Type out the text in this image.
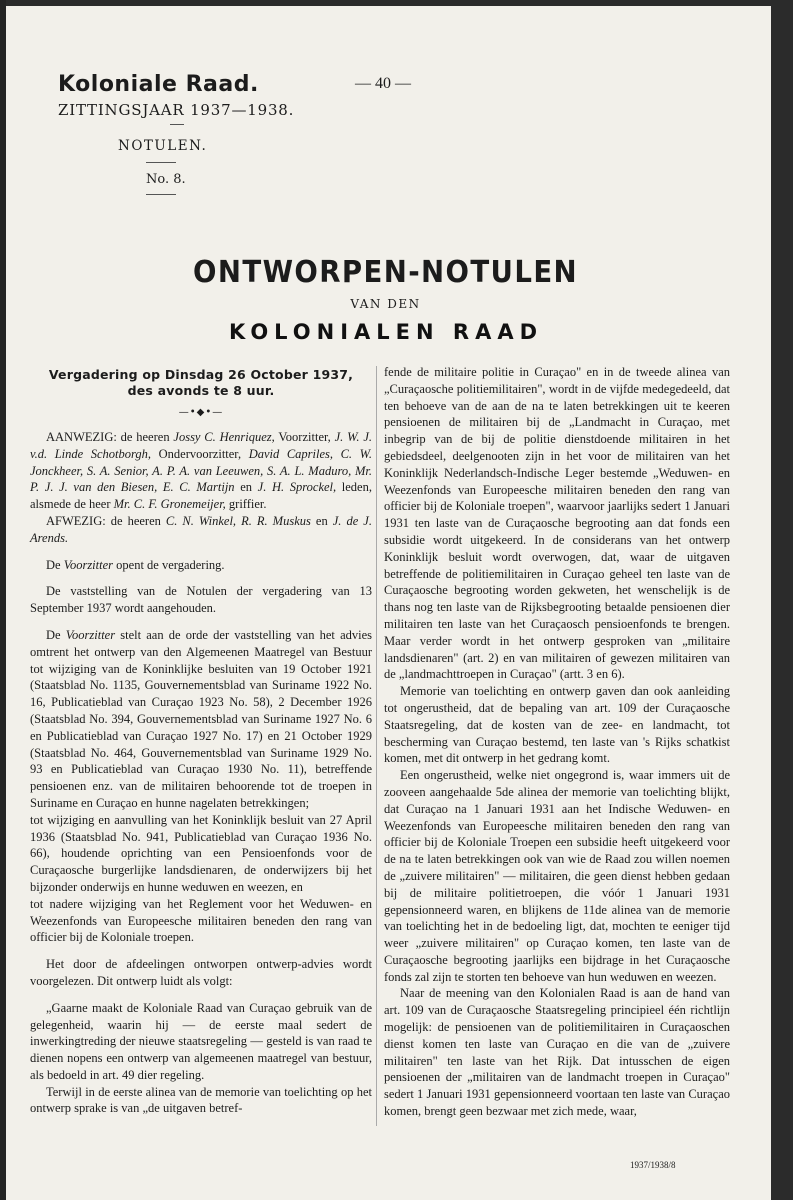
Koloniale Raad.	— 40 —
ZITTINGSJAAR 1937—1938.
NOTULEN.
No. 8.
ONTWORPEN-NOTULEN
VAN DEN
KOLONIALEN RAAD
Vergadering op Dinsdag 26 October 1937,
des avonds te 8 uur.
—•◆•—

AANWEZIG: de heeren Jossy C. Henriquez, Voorzitter, J. W. J. v.d. Linde Schotborgh, Ondervoorzitter, David Capriles, C. W. Jonckheer, S. A. Senior, A. P. A. van Leeuwen, S. A. L. Maduro, Mr. P. J. J. van den Biesen, E. C. Martijn en J. H. Sprockel, leden, alsmede de heer Mr. C. F. Gronemeijer, griffier.

AFWEZIG: de heeren C. N. Winkel, R. R. Muskus en J. de J. Arends.

De Voorzitter opent de vergadering.

De vaststelling van de Notulen der vergadering van 13 September 1937 wordt aangehouden.

De Voorzitter stelt aan de orde der vaststelling van het advies omtrent het ontwerp van den Algemeenen Maatregel van Bestuur tot wijziging van de Koninklijke besluiten van 19 October 1921 (Staatsblad No. 1135, Gouvernementsblad van Suriname 1922 No. 16, Publicatieblad van Curaçao 1923 No. 58), 2 December 1926 (Staatsblad No. 394, Gouvernementsblad van Suriname 1927 No. 6 en Publicatieblad van Curaçao 1927 No. 17) en 21 October 1929 (Staatsblad No. 464, Gouvernementsblad van Suriname 1929 No. 93 en Publicatieblad van Curaçao 1930 No. 11), betreffende pensioenen enz. van de militairen behoorende tot de troepen in Suriname en Curaçao en hunne nagelaten betrekkingen;

tot wijziging en aanvulling van het Koninklijk besluit van 27 April 1936 (Staatsblad No. 941, Publicatieblad van Curaçao 1936 No. 66), houdende oprichting van een Pensioenfonds voor de Curaçaosche burgerlijke landsdienaren, de onderwijzers bij het bijzonder onderwijs en hunne weduwen en weezen, en

tot nadere wijziging van het Reglement voor het Weduwen- en Weezenfonds van Europeesche militairen beneden den rang van officier bij de Koloniale troepen.

Het door de afdeelingen ontworpen ontwerp-advies wordt voorgelezen. Dit ontwerp luidt als volgt:

„Gaarne maakt de Koloniale Raad van Curaçao gebruik van de gelegenheid, waarin hij — de eerste maal sedert de inwerkingtreding der nieuwe staatsregeling — gesteld is van raad te dienen nopens een ontwerp van algemeenen maatregel van bestuur, als bedoeld in art. 49 dier regeling.

Terwijl in de eerste alinea van de memorie van toelichting op het ontwerp sprake is van „de uitgaven betref-

fende de militaire politie in Curaçao" en in de tweede alinea van „Curaçaosche politiemilitairen", wordt in de vijfde medegedeeld, dat ten behoeve van de aan de na te laten betrekkingen uit te keeren pensioenen de militairen bij de „Landmacht in Curaçao, met inbegrip van de bij de politie dienstdoende militairen in het gebiedsdeel, deelgenooten zijn in het voor de militairen van het Koninklijk Nederlandsch-Indische Leger bestemde „Weduwen- en Weezenfonds van Europeesche militairen beneden den rang van officier bij de Koloniale troepen", waarvoor jaarlijks sedert 1 Januari 1931 ten laste van de Curaçaosche begrooting aan dat fonds een subsidie wordt uitgekeerd. In de considerans van het ontwerp Koninklijk besluit wordt overwogen, dat, waar de uitgaven betreffende de politiemilitairen in Curaçao geheel ten laste van de Curaçaosche begrooting worden gekweten, het wenschelijk is de thans nog ten laste van de Rijksbegrooting betaalde pensioenen dier militairen ten laste van het Curaçaosch pensioenfonds te brengen. Maar verder wordt in het ontwerp gesproken van „militaire landsdienaren" (art. 2) en van militairen of gewezen militairen van de „landmachttroepen in Curaçao" (artt. 3 en 6).

Memorie van toelichting en ontwerp gaven dan ook aanleiding tot ongerustheid, dat de bepaling van art. 109 der Curaçaosche Staatsregeling, dat de kosten van de zee- en landmacht, tot bescherming van Curaçao bestemd, ten laste van 's Rijks schatkist komen, met dit ontwerp in het gedrang komt.

Een ongerustheid, welke niet ongegrond is, waar immers uit de zooveen aangehaalde 5de alinea der memorie van toelichting blijkt, dat Curaçao na 1 Januari 1931 aan het Indische Weduwen- en Weezenfonds van Europeesche militairen beneden den rang van officier bij de Koloniale Troepen een subsidie heeft uitgekeerd voor de na te laten betrekkingen ook van wie de Raad zou willen noemen de „zuivere militairen" — militairen, die geen dienst hebben gedaan bij de militaire politietroepen, die vóór 1 Januari 1931 gepensionneerd waren, en blijkens de 11de alinea van de memorie van toelichting het in de bedoeling ligt, dat, mochten te eeniger tijd weer „zuivere militairen" op Curaçao komen, ten laste van de Curaçaosche begrooting jaarlijks een bijdrage in het Curaçaosche fonds zal zijn te storten ten behoeve van hun weduwen en weezen.

Naar de meening van den Kolonialen Raad is aan de hand van art. 109 van de Curaçaosche Staatsregeling principieel één richtlijn mogelijk: de pensioenen van de politiemilitairen in Curaçaoschen dienst komen ten laste van Curaçao en die van de „zuivere militairen" ten laste van het Rijk. Dat intusschen de eigen pensioenen der „militairen van de landmacht troepen in Curaçao" sedert 1 Januari 1931 gepensionneerd voortaan ten laste van Curaçao komen, brengt geen bezwaar met zich mede, waar,

1937/1938/8
